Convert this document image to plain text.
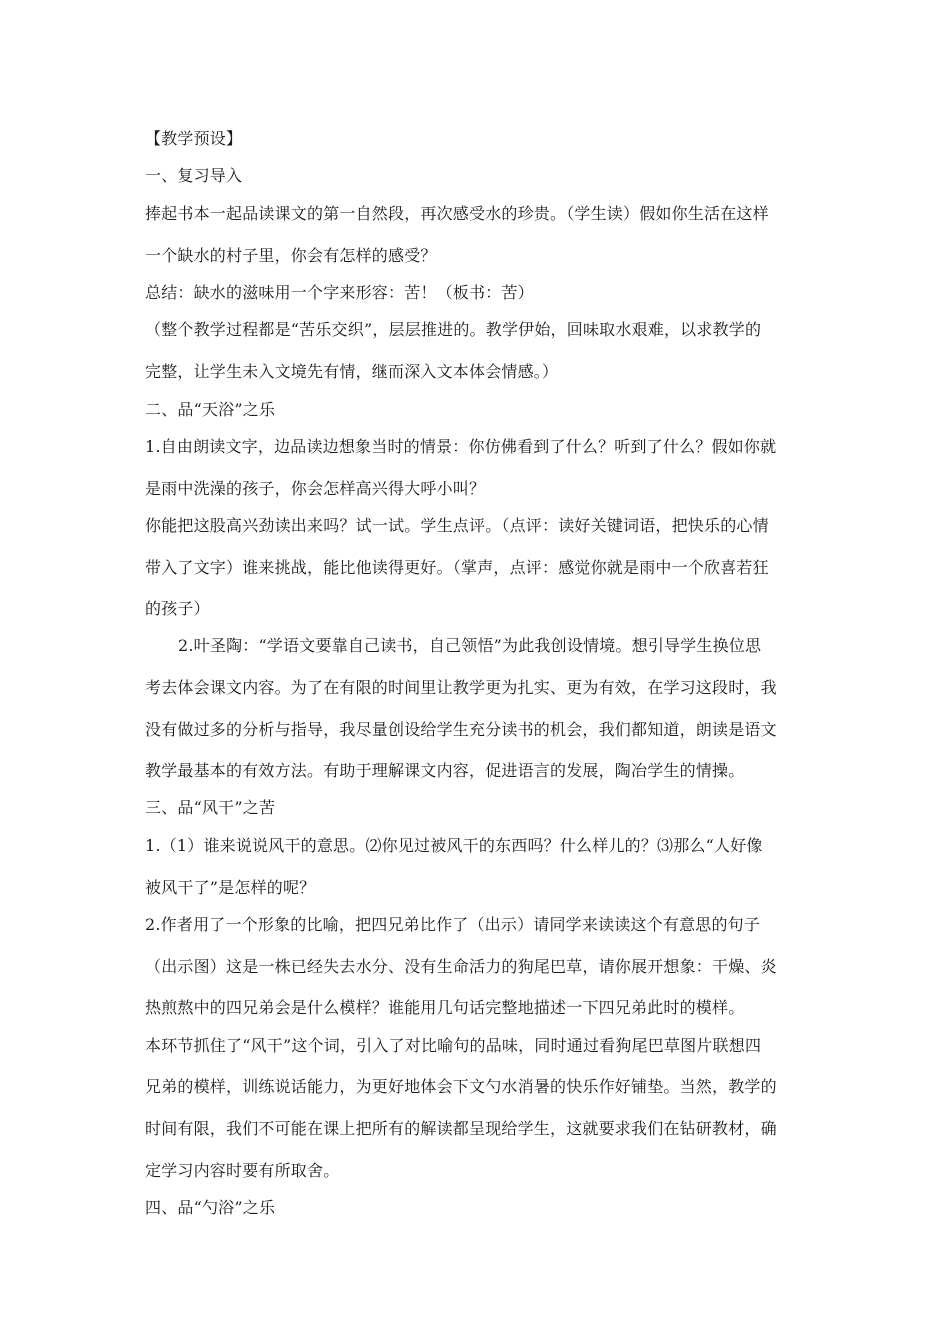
【教学预设】
一、复习导入
捧起书本一起品读课文的第一自然段，再次感受水的珍贵。（学生读）假如你生活在这样
一个缺水的村子里，你会有怎样的感受？
总结：缺水的滋味用一个字来形容：苦！（板书：苦）
（整个教学过程都是“苦乐交织”，层层推进的。教学伊始，回味取水艰难，以求教学的
完整，让学生未入文境先有情，继而深入文本体会情感。）
二、品“天浴”之乐
1.自由朗读文字，边品读边想象当时的情景：你仿佛看到了什么？听到了什么？假如你就
是雨中洗澡的孩子，你会怎样高兴得大呼小叫？
你能把这股高兴劲读出来吗？试一试。学生点评。（点评：读好关键词语，把快乐的心情
带入了文字）谁来挑战，能比他读得更好。（掌声，点评：感觉你就是雨中一个欣喜若狂
的孩子）
2.叶圣陶：“学语文要靠自己读书，自己领悟”为此我创设情境。想引导学生换位思
考去体会课文内容。为了在有限的时间里让教学更为扎实、更为有效，在学习这段时，我
没有做过多的分析与指导，我尽量创设给学生充分读书的机会，我们都知道，朗读是语文
教学最基本的有效方法。有助于理解课文内容，促进语言的发展，陶冶学生的情操。
三、品“风干”之苦
1.（1）谁来说说风干的意思。⑵你见过被风干的东西吗？什么样儿的？⑶那么“人好像
被风干了”是怎样的呢？
2.作者用了一个形象的比喻，把四兄弟比作了（出示）请同学来读读这个有意思的句子
（出示图）这是一株已经失去水分、没有生命活力的狗尾巴草，请你展开想象：干燥、炎
热煎熬中的四兄弟会是什么模样？谁能用几句话完整地描述一下四兄弟此时的模样。
本环节抓住了“风干”这个词，引入了对比喻句的品味，同时通过看狗尾巴草图片联想四
兄弟的模样，训练说话能力，为更好地体会下文勺水消暑的快乐作好铺垫。当然，教学的
时间有限，我们不可能在课上把所有的解读都呈现给学生，这就要求我们在钻研教材，确
定学习内容时要有所取舍。
四、品“勺浴”之乐
